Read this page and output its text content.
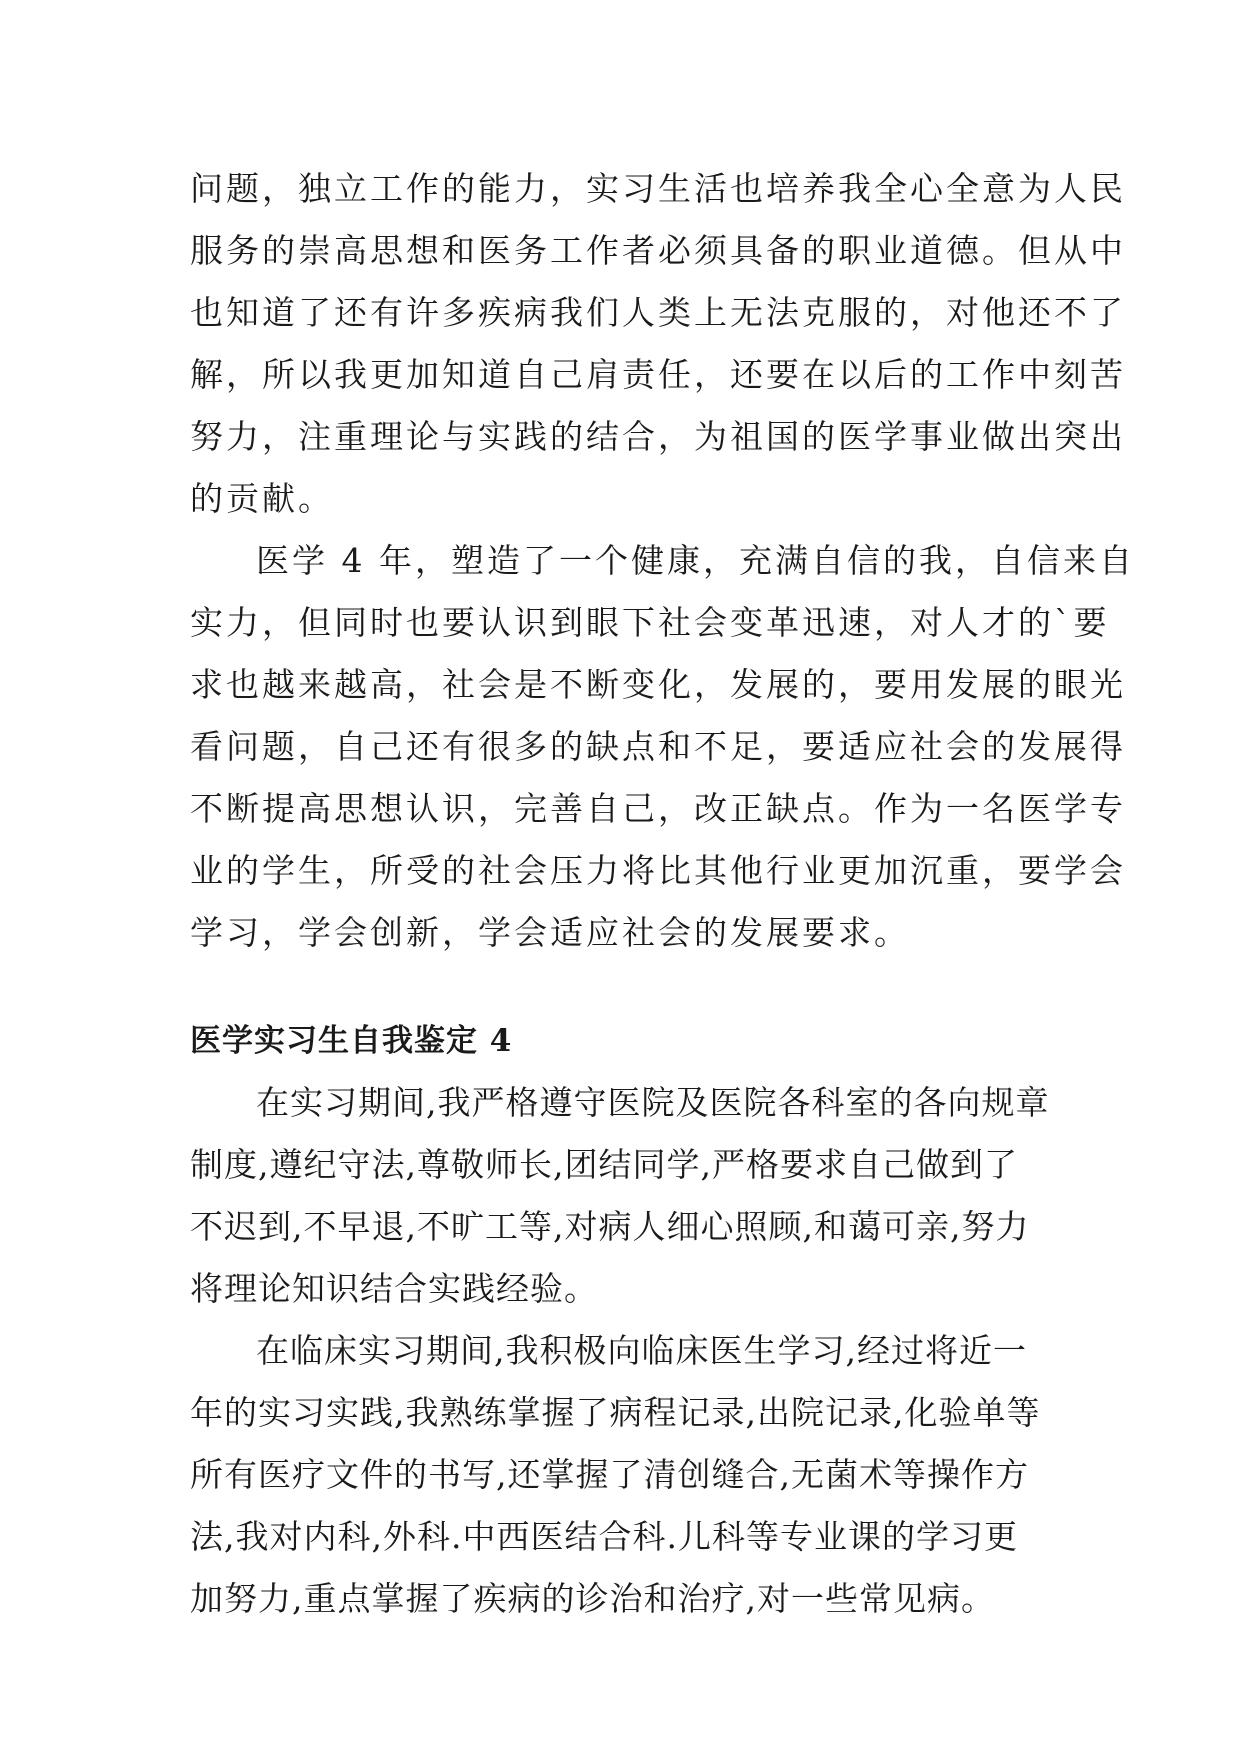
问题，独立工作的能力，实习生活也培养我全心全意为人民

服务的崇高思想和医务工作者必须具备的职业道德。但从中

也知道了还有许多疾病我们人类上无法克服的，对他还不了

解，所以我更加知道自己肩责任，还要在以后的工作中刻苦

努力，注重理论与实践的结合，为祖国的医学事业做出突出

的贡献。

医学 4 年，塑造了一个健康，充满自信的我，自信来自

实力，但同时也要认识到眼下社会变革迅速，对人才的`要

求也越来越高，社会是不断变化，发展的，要用发展的眼光

看问题，自己还有很多的缺点和不足，要适应社会的发展得

不断提高思想认识，完善自己，改正缺点。作为一名医学专

业的学生，所受的社会压力将比其他行业更加沉重，要学会

学习，学会创新，学会适应社会的发展要求。

医学实习生自我鉴定 4

在实习期间,我严格遵守医院及医院各科室的各向规章

制度,遵纪守法,尊敬师长,团结同学,严格要求自己做到了

不迟到,不早退,不旷工等,对病人细心照顾,和蔼可亲,努力

将理论知识结合实践经验。

在临床实习期间,我积极向临床医生学习,经过将近一

年的实习实践,我熟练掌握了病程记录,出院记录,化验单等

所有医疗文件的书写,还掌握了清创缝合,无菌术等操作方

法,我对内科,外科.中西医结合科.儿科等专业课的学习更

加努力,重点掌握了疾病的诊治和治疗,对一些常见病。
